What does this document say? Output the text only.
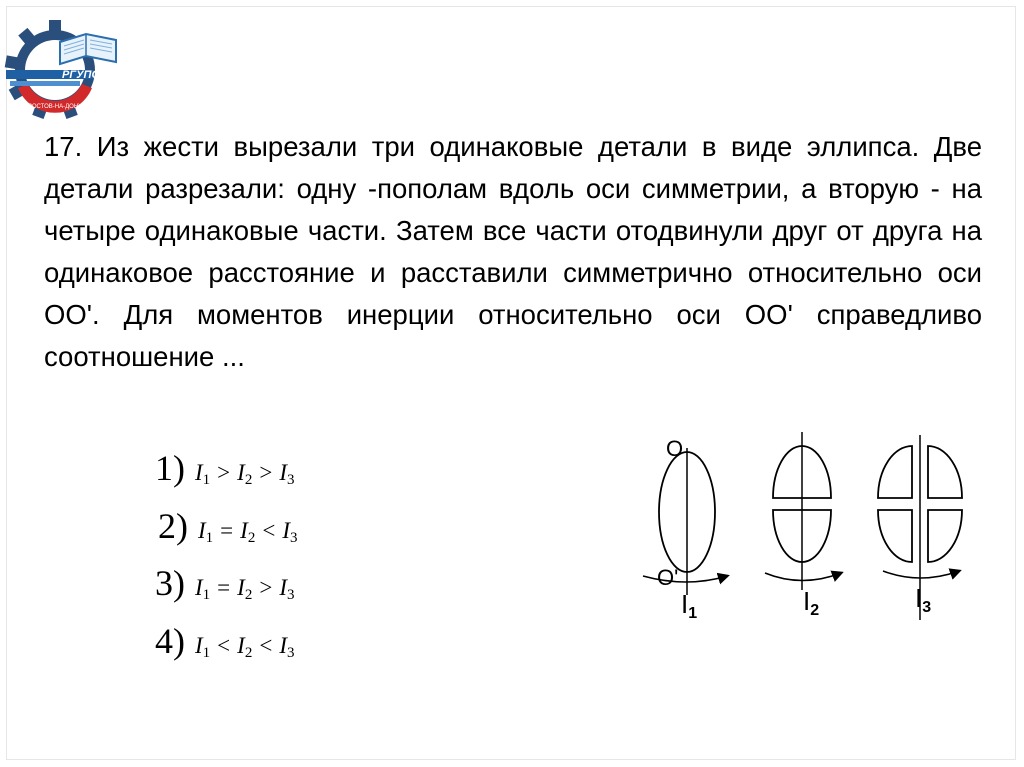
РОСТОВ-НА-ДОНУ
РГУПС

17. Из жести вырезали три одинаковые детали в виде эллипса. Две детали разрезали: одну -пополам вдоль оси симметрии, а вторую - на четыре одинаковые части. Затем все части отодвинули друг от друга на одинаковое расстояние и расставили симметрично относительно оси OO'. Для моментов инерции относительно оси OO' справедливо соотношение ...

1) $I_1 > I_2 > I_3$
2) $I_1 = I_2 < I_3$
3) $I_1 = I_2 > I_3$
4) $I_1 < I_2 < I_3$
O
O'
I1	I2	I3
